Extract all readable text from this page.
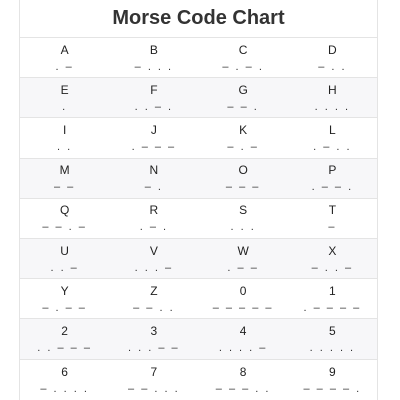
Morse Code Chart
A
. –
B
– . . .
C
– . – .
D
– . .
E
.
F
. . – .
G
– – .
H
. . . .
I
. .
J
. – – –
K
– . –
L
. – . .
M
– –
N
– .
O
– – –
P
. – – .
Q
– – . –
R
. – .
S
. . .
T
–
U
. . –
V
. . . –
W
. – –
X
– . . –
Y
– . – –
Z
– – . .
0
– – – – –
1
. – – – –
2
. . – – –
3
. . . – –
4
. . . . –
5
. . . . .
6
– . . . .
7
– – . . .
8
– – – . .
9
– – – – .
